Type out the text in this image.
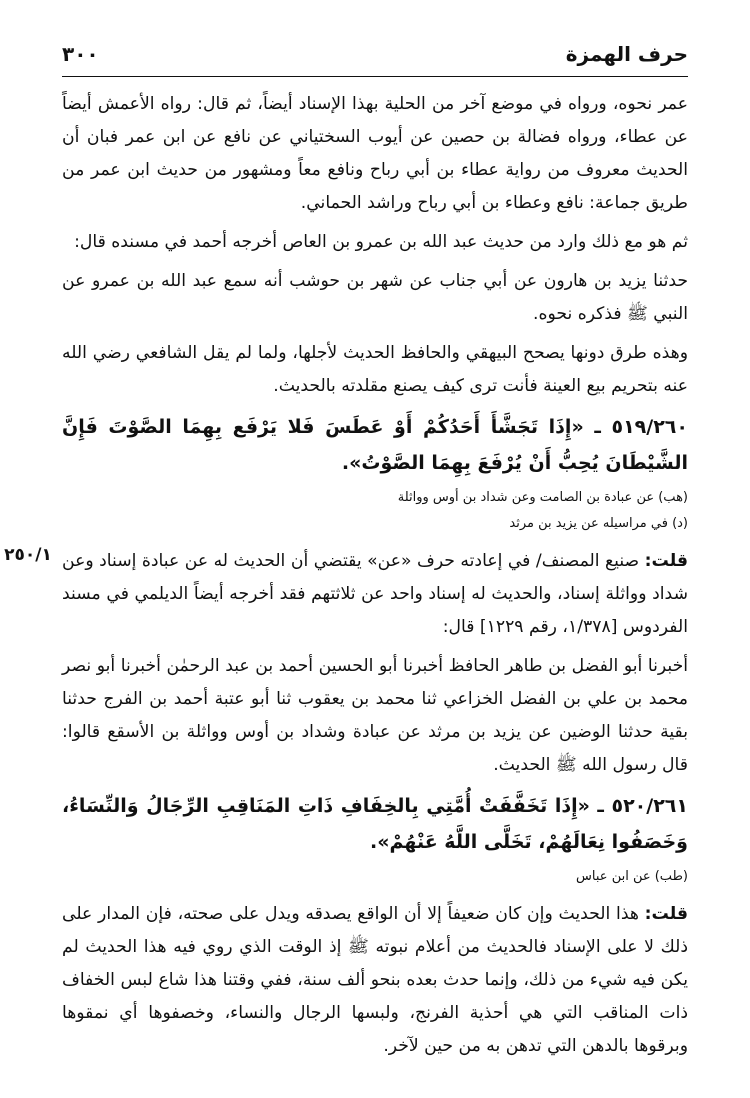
حرف الهمزة
٣٠٠

عمر نحوه، ورواه في موضع آخر من الحلية بهذا الإسناد أيضاً، ثم قال: رواه الأعمش أيضاً عن عطاء، ورواه فضالة بن حصين عن أيوب السختياني عن نافع عن ابن عمر فبان أن الحديث معروف من رواية عطاء بن أبي رباح ونافع معاً ومشهور من حديث ابن عمر من طريق جماعة: نافع وعطاء بن أبي رباح وراشد الحماني.

ثم هو مع ذلك وارد من حديث عبد الله بن عمرو بن العاص أخرجه أحمد في مسنده قال:

حدثنا يزيد بن هارون عن أبي جناب عن شهر بن حوشب أنه سمع عبد الله بن عمرو عن النبي ﷺ فذكره نحوه.

وهذه طرق دونها يصحح البيهقي والحافظ الحديث لأجلها، ولما لم يقل الشافعي رضي الله عنه بتحريم بيع العينة فأنت ترى كيف يصنع مقلدته بالحديث.

٥١٩/٢٦٠ ـ «إِذَا تَجَشَّأَ أَحَدُكُمْ أَوْ عَطَسَ فَلا يَرْفَع بِهِمَا الصَّوْتَ فَإِنَّ الشَّيْطَانَ يُحِبُّ أَنْ يُرْفَعَ بِهِمَا الصَّوْتُ».

(هب) عن عبادة بن الصامت وعن شداد بن أوس وواثلة

(د) في مراسيله عن يزيد بن مرثد

٢٥٠/١	قلت: صنيع المصنف/ في إعادته حرف «عن» يقتضي أن الحديث له عن عبادة إسناد وعن شداد وواثلة إسناد، والحديث له إسناد واحد عن ثلاثتهم فقد أخرجه أيضاً الديلمي في مسند الفردوس [١/٣٧٨، رقم ١٢٢٩] قال:

أخبرنا أبو الفضل بن طاهر الحافظ أخبرنا أبو الحسين أحمد بن عبد الرحمٰن أخبرنا أبو نصر محمد بن علي بن الفضل الخزاعي ثنا محمد بن يعقوب ثنا أبو عتبة أحمد بن الفرج حدثنا بقية حدثنا الوضين عن يزيد بن مرثد عن عبادة وشداد بن أوس وواثلة بن الأسقع قالوا: قال رسول الله ﷺ الحديث.

٥٢٠/٢٦١ ـ «إِذَا تَخَفَّفَتْ أُمَّتِي بِالخِفَافِ ذَاتِ المَنَاقِبِ الرِّجَالُ وَالنِّسَاءُ، وَخَصَفُوا نِعَالَهُمْ، تَخَلَّى اللَّهُ عَنْهُمْ».

(طب) عن ابن عباس

قلت: هذا الحديث وإن كان ضعيفاً إلا أن الواقع يصدقه ويدل على صحته، فإن المدار على ذلك لا على الإسناد فالحديث من أعلام نبوته ﷺ إذ الوقت الذي روي فيه هذا الحديث لم يكن فيه شيء من ذلك، وإنما حدث بعده بنحو ألف سنة، ففي وقتنا هذا شاع لبس الخفاف ذات المناقب التي هي أحذية الفرنج، ولبسها الرجال والنساء، وخصفوها أي نمقوها وبرقوها بالدهن التي تدهن به من حين لآخر.
